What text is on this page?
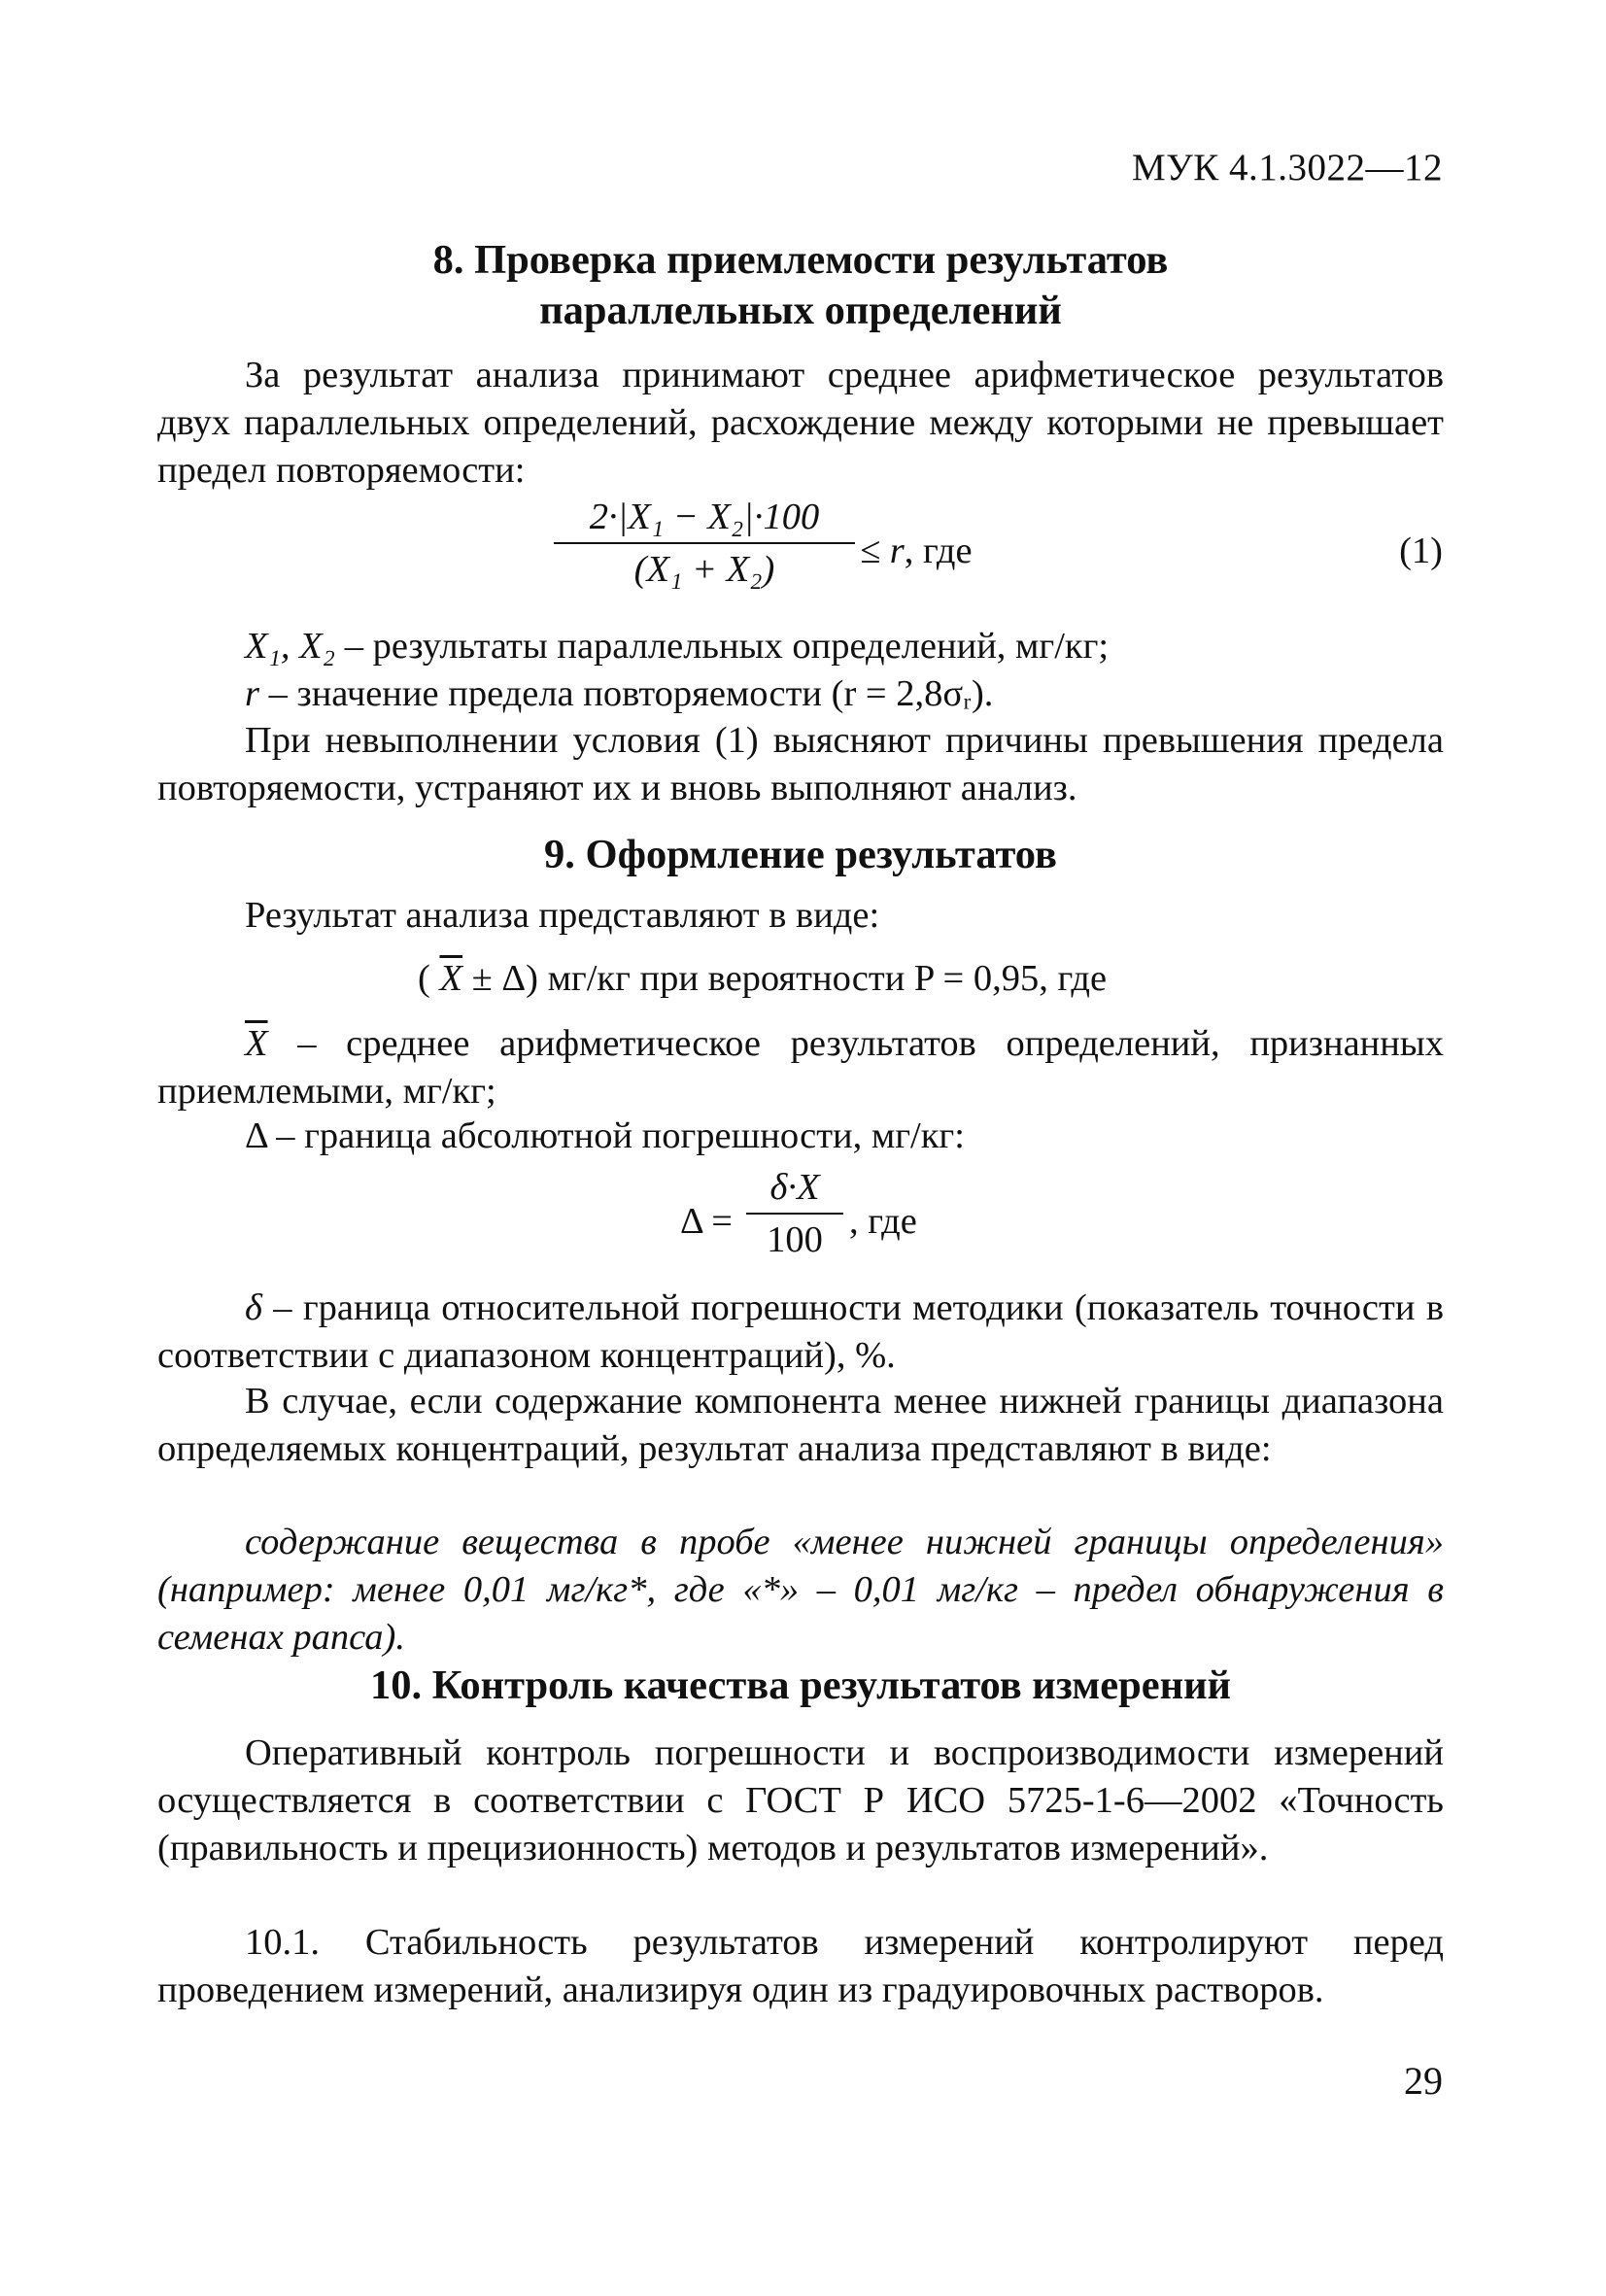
МУК 4.1.3022—12
8. Проверка приемлемости результатов
параллельных определений

За результат анализа принимают среднее арифметическое результатов двух параллельных определений, расхождение между которыми не превышает предел повторяемости:

2·|X₁ − X₂|·100
(X₁ + X₂)	≤ r, где	(1)
X₁, X₂ – результаты параллельных определений, мг/кг;
r – значение предела повторяемости (r = 2,8σᵣ).

При невыполнении условия (1) выясняют причины превышения предела повторяемости, устраняют их и вновь выполняют анализ.

9. Оформление результатов
Результат анализа представляют в виде:
( $\overline{X} \pm \Delta$) мг/кг при вероятности P = 0,95, где

$\overline{X}$ – среднее арифметическое результатов определений, признанных приемлемыми, мг/кг;

Δ – граница абсолютной погрешности, мг/кг:
Δ =
δ·X
100 , где

δ – граница относительной погрешности методики (показатель точности в соответствии с диапазоном концентраций), %.

В случае, если содержание компонента менее нижней границы диапазона определяемых концентраций, результат анализа представляют в виде:

содержание вещества в пробе «менее нижней границы определения» (например: менее 0,01 мг/кг*, где «*» – 0,01 мг/кг – предел обнаружения в семенах рапса).

10. Контроль качества результатов измерений

Оперативный контроль погрешности и воспроизводимости измерений осуществляется в соответствии с ГОСТ Р ИСО 5725-1-6—2002 «Точность (правильность и прецизионность) методов и результатов измерений».

10.1. Стабильность результатов измерений контролируют перед проведением измерений, анализируя один из градуировочных растворов.

29
